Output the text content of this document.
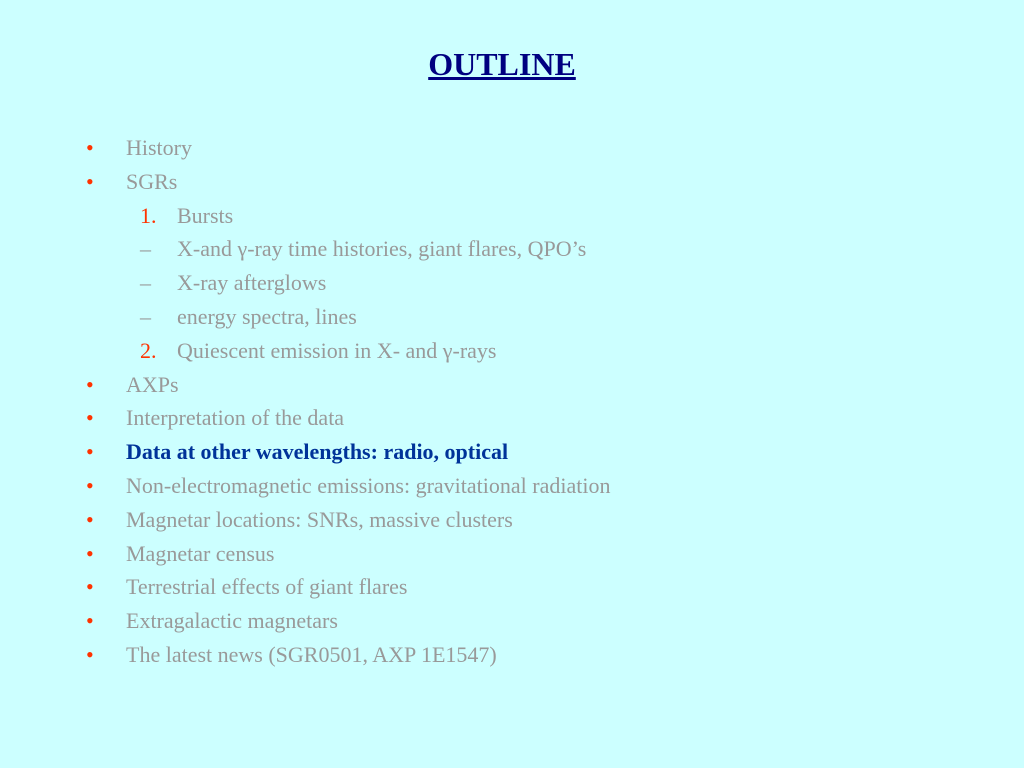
OUTLINE
• History
• SGRs
1. Bursts
– X-and γ-ray time histories, giant flares, QPO’s
– X-ray afterglows
– energy spectra, lines
2. Quiescent emission in X- and γ-rays
• AXPs
• Interpretation of the data
• Data at other wavelengths: radio, optical
• Non-electromagnetic emissions: gravitational radiation
• Magnetar locations: SNRs, massive clusters
• Magnetar census
• Terrestrial effects of giant flares
• Extragalactic magnetars
• The latest news (SGR0501, AXP 1E1547)
